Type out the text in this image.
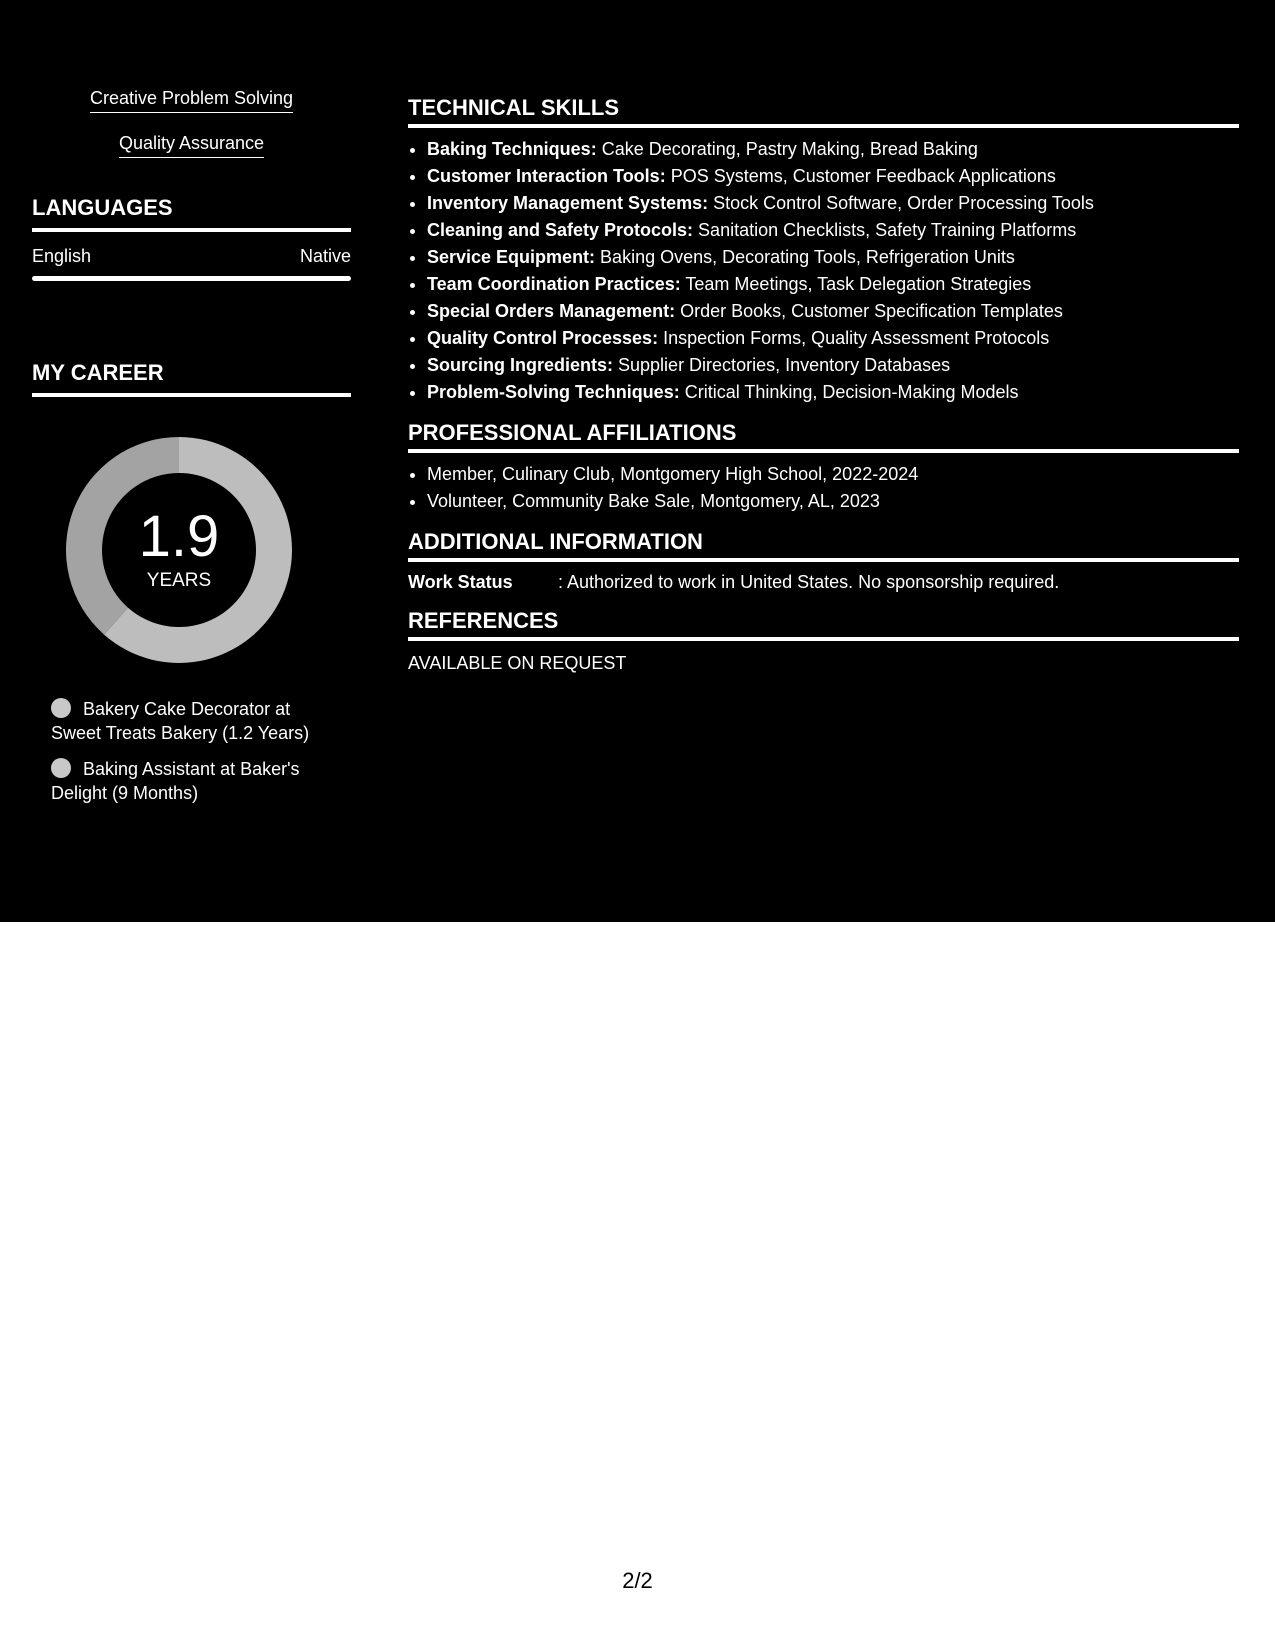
Creative Problem Solving
Quality Assurance
LANGUAGES
English	Native
MY CAREER
1.9
YEARS
Bakery Cake Decorator at Sweet Treats Bakery (1.2 Years)
Baking Assistant at Baker's Delight (9 Months)
TECHNICAL SKILLS
• Baking Techniques: Cake Decorating, Pastry Making, Bread Baking
• Customer Interaction Tools: POS Systems, Customer Feedback Applications
• Inventory Management Systems: Stock Control Software, Order Processing Tools
• Cleaning and Safety Protocols: Sanitation Checklists, Safety Training Platforms
• Service Equipment: Baking Ovens, Decorating Tools, Refrigeration Units
• Team Coordination Practices: Team Meetings, Task Delegation Strategies
• Special Orders Management: Order Books, Customer Specification Templates
• Quality Control Processes: Inspection Forms, Quality Assessment Protocols
• Sourcing Ingredients: Supplier Directories, Inventory Databases
• Problem-Solving Techniques: Critical Thinking, Decision-Making Models
PROFESSIONAL AFFILIATIONS
• Member, Culinary Club, Montgomery High School, 2022-2024
• Volunteer, Community Bake Sale, Montgomery, AL, 2023
ADDITIONAL INFORMATION
Work Status	: Authorized to work in United States. No sponsorship required.
REFERENCES
AVAILABLE ON REQUEST
2/2
